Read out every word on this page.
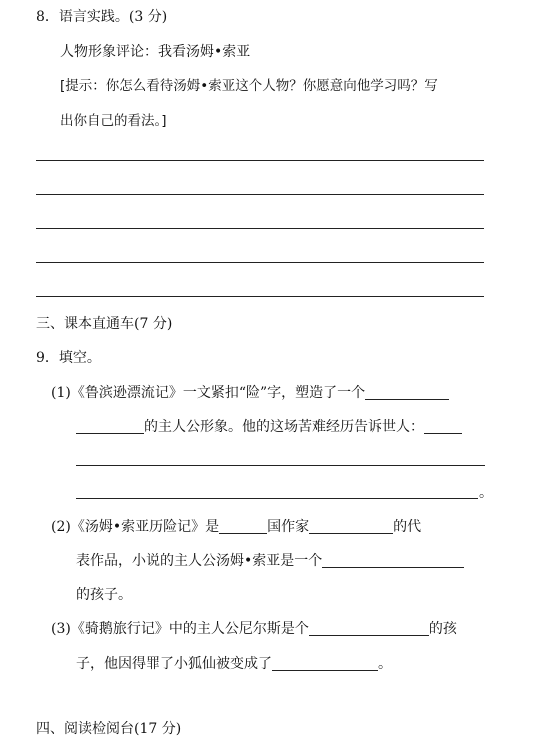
8．语言实践。(3 分)
人物形象评论：我看汤姆•索亚
[提示：你怎么看待汤姆•索亚这个人物？你愿意向他学习吗？写
出你自己的看法。]
三、课本直通车(7 分)
9．填空。
(1)《鲁滨逊漂流记》一文紧扣“险”字，塑造了一个
的主人公形象。他的这场苦难经历告诉世人：
。
(2)《汤姆•索亚历险记》是	国作家	的代
表作品，小说的主人公汤姆•索亚是一个
的孩子。
(3)《骑鹅旅行记》中的主人公尼尔斯是个	的孩
子，他因得罪了小狐仙被变成了	。
四、阅读检阅台(17 分)
